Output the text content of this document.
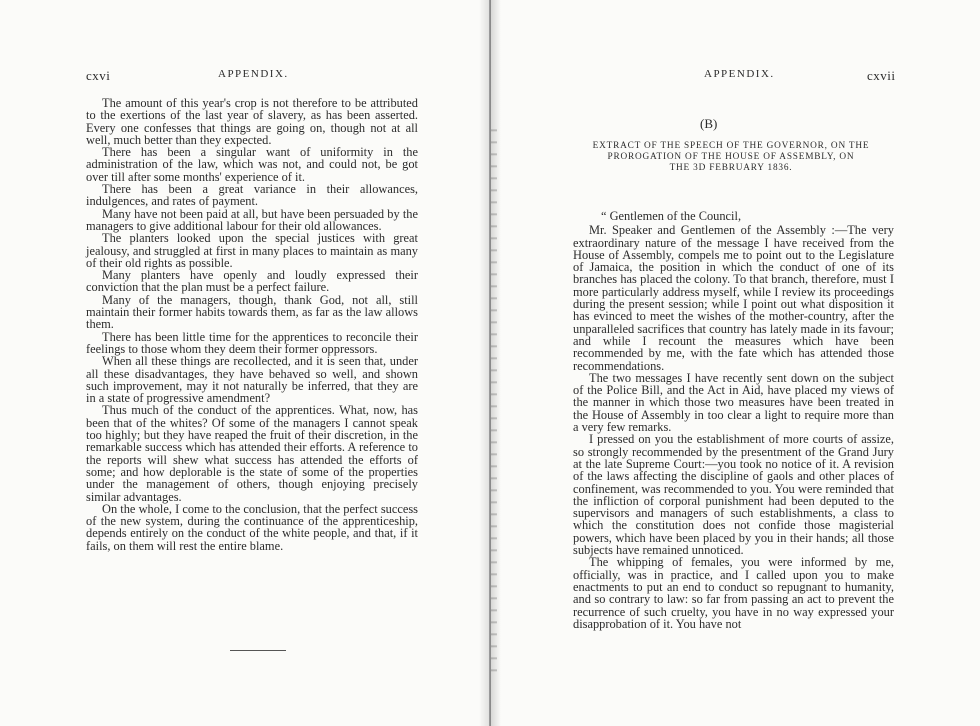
cxvi	APPENDIX.

The amount of this year's crop is not therefore to be attributed to the exertions of the last year of slavery, as has been asserted. Every one confesses that things are going on, though not at all well, much better than they expected.

There has been a singular want of uniformity in the administration of the law, which was not, and could not, be got over till after some months' experience of it.

There has been a great variance in their allowances, indulgences, and rates of payment.

Many have not been paid at all, but have been persuaded by the managers to give additional labour for their old allowances.

The planters looked upon the special justices with great jealousy, and struggled at first in many places to maintain as many of their old rights as possible.

Many planters have openly and loudly expressed their conviction that the plan must be a perfect failure.

Many of the managers, though, thank God, not all, still maintain their former habits towards them, as far as the law allows them.

There has been little time for the apprentices to reconcile their feelings to those whom they deem their former oppressors.

When all these things are recollected, and it is seen that, under all these disadvantages, they have behaved so well, and shown such improvement, may it not naturally be inferred, that they are in a state of progressive amendment?

Thus much of the conduct of the apprentices. What, now, has been that of the whites? Of some of the managers I cannot speak too highly; but they have reaped the fruit of their discretion, in the remarkable success which has attended their efforts. A reference to the reports will shew what success has attended the efforts of some; and how deplorable is the state of some of the properties under the management of others, though enjoying precisely similar advantages.

On the whole, I come to the conclusion, that the perfect success of the new system, during the continuance of the apprenticeship, depends entirely on the conduct of the white people, and that, if it fails, on them will rest the entire blame.

APPENDIX.	cxvii
(B)
EXTRACT OF THE SPEECH OF THE GOVERNOR, ON THE
PROROGATION OF THE HOUSE OF ASSEMBLY, ON
THE 3D FEBRUARY 1836.

“ Gentlemen of the Council,

Mr. Speaker and Gentlemen of the Assembly :—The very extraordinary nature of the message I have received from the House of Assembly, compels me to point out to the Legislature of Jamaica, the position in which the conduct of one of its branches has placed the colony. To that branch, therefore, must I more particularly address myself, while I review its proceedings during the present session; while I point out what disposition it has evinced to meet the wishes of the mother-country, after the unparalleled sacrifices that country has lately made in its favour; and while I recount the measures which have been recommended by me, with the fate which has attended those recommendations.

The two messages I have recently sent down on the subject of the Police Bill, and the Act in Aid, have placed my views of the manner in which those two measures have been treated in the House of Assembly in too clear a light to require more than a very few remarks.

I pressed on you the establishment of more courts of assize, so strongly recommended by the presentment of the Grand Jury at the late Supreme Court:—you took no notice of it. A revision of the laws affecting the discipline of gaols and other places of confinement, was recommended to you. You were reminded that the infliction of corporal punishment had been deputed to the supervisors and managers of such establishments, a class to which the constitution does not confide those magisterial powers, which have been placed by you in their hands; all those subjects have remained unnoticed.

The whipping of females, you were informed by me, officially, was in practice, and I called upon you to make enactments to put an end to conduct so repugnant to humanity, and so contrary to law: so far from passing an act to prevent the recurrence of such cruelty, you have in no way expressed your disapprobation of it. You have not
